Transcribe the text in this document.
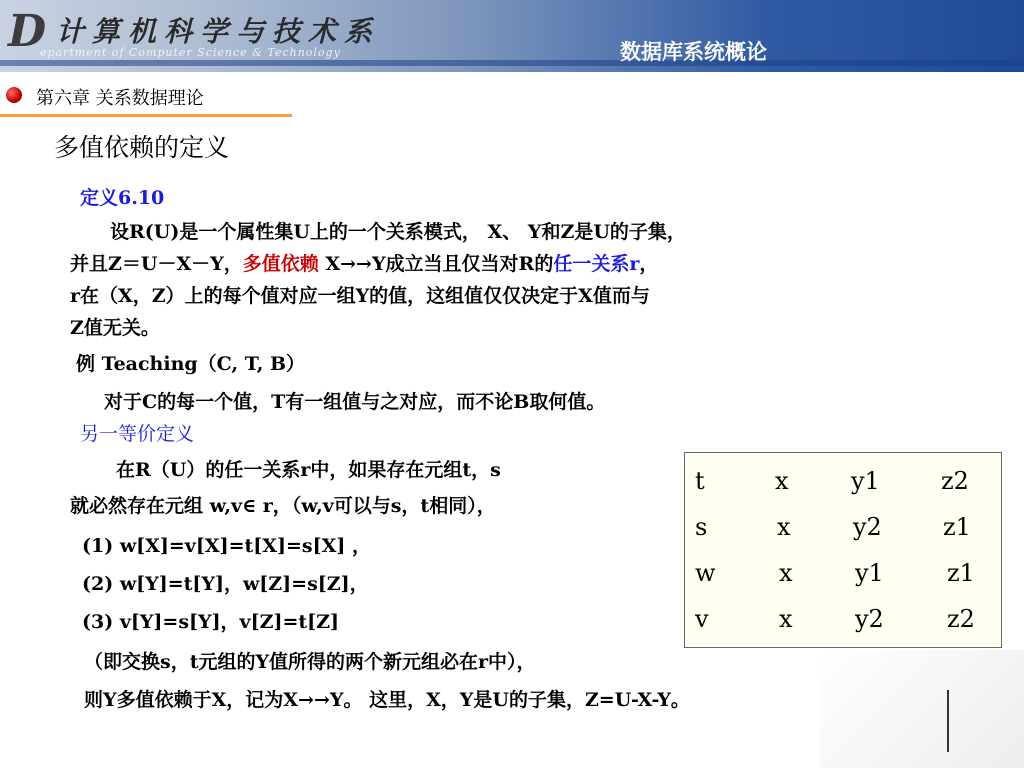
D 计算机科学与技术系
epartment of Computer Science & Technology	数据库系统概论
第六章 关系数据理论
多值依赖的定义
定义6.10
设R(U)是一个属性集U上的一个关系模式， X、 Y和Z是U的子集，
并且Z＝U－X－Y，多值依赖 X→→Y成立当且仅当对R的任一关系r，
r在（X，Z）上的每个值对应一组Y的值，这组值仅仅决定于X值而与
Z值无关。
例 Teaching（C, T, B）
对于C的每一个值，T有一组值与之对应，而不论B取何值。
另一等价定义
在R（U）的任一关系r中，如果存在元组t，s
就必然存在元组 w,v∈ r，（w,v可以与s，t相同），
(1) w[X]=v[X]=t[X]=s[X] ，
(2) w[Y]=t[Y]，w[Z]=s[Z]，
(3) v[Y]=s[Y]，v[Z]=t[Z]
（即交换s，t元组的Y值所得的两个新元组必在r中），
则Y多值依赖于X，记为X→→Y。 这里，X，Y是U的子集，Z=U-X-Y。
t	x	y1	z2
s	x	y2	z1
w	x	y1	z1
v	x	y2	z2
